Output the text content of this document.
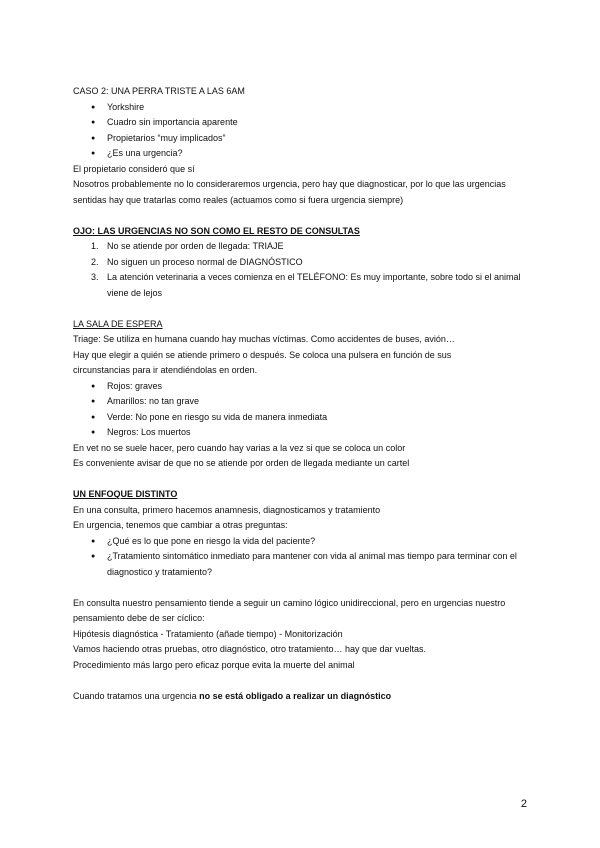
CASO 2: UNA PERRA TRISTE A LAS 6AM
● Yorkshire
● Cuadro sin importancia aparente
● Propietarios “muy implicados”
● ¿Es una urgencia?
El propietario consideró que sí
Nosotros probablemente no lo consideraremos urgencia, pero hay que diagnosticar, por lo que las urgencias sentidas hay que tratarlas como reales (actuamos como si fuera urgencia siempre)
OJO: LAS URGENCIAS NO SON COMO EL RESTO DE CONSULTAS
1. No se atiende por orden de llegada: TRIAJE
2. No siguen un proceso normal de DIAGNÓSTICO
3. La atención veterinaria a veces comienza en el TELÉFONO: Es muy importante, sobre todo si el animal viene de lejos
LA SALA DE ESPERA
Triage: Se utiliza en humana cuando hay muchas víctimas. Como accidentes de buses, avión…
Hay que elegir a quién se atiende primero o después. Se coloca una pulsera en función de sus
circunstancias para ir atendiéndolas en orden.
● Rojos: graves
● Amarillos: no tan grave
● Verde: No pone en riesgo su vida de manera inmediata
● Negros: Los muertos
En vet no se suele hacer, pero cuando hay varias a la vez si que se coloca un color
Es conveniente avisar de que no se atiende por orden de llegada mediante un cartel
UN ENFOQUE DISTINTO
En una consulta, primero hacemos anamnesis, diagnosticamos y tratamiento
En urgencia, tenemos que cambiar a otras preguntas:
● ¿Qué es lo que pone en riesgo la vida del paciente?
● ¿Tratamiento sintomático inmediato para mantener con vida al animal mas tiempo para terminar con el diagnostico y tratamiento?
En consulta nuestro pensamiento tiende a seguir un camino lógico unidireccional, pero en urgencias nuestro pensamiento debe de ser cíclico:
Hipótesis diagnóstica - Tratamiento (añade tiempo) - Monitorización
Vamos haciendo otras pruebas, otro diagnóstico, otro tratamiento… hay que dar vueltas.
Procedimiento más largo pero eficaz porque evita la muerte del animal
Cuando tratamos una urgencia no se está obligado a realizar un diagnóstico
2
